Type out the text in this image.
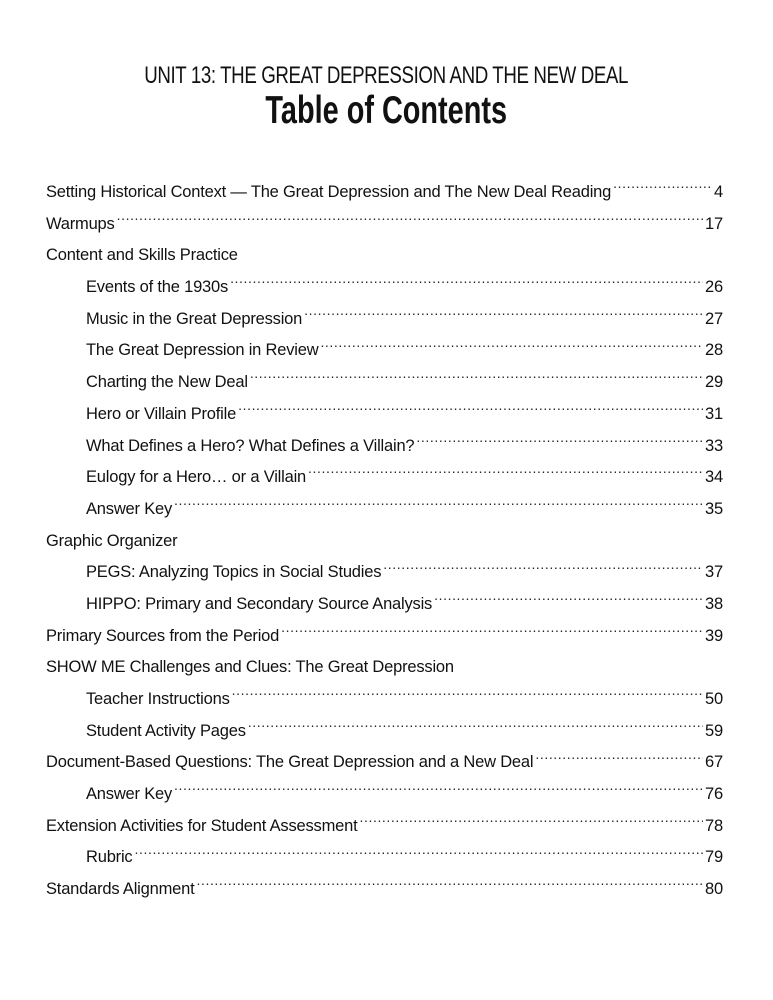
UNIT 13: THE GREAT DEPRESSION AND THE NEW DEAL
Table of Contents
Setting Historical Context — The Great Depression and The New Deal Reading .....	4
Warmups .....	17
Content and Skills Practice
Events of the 1930s .....	26
Music in the Great Depression .....	27
The Great Depression in Review .....	28
Charting the New Deal .....	29
Hero or Villain Profile .....	31
What Defines a Hero? What Defines a Villain? .....	33
Eulogy for a Hero… or a Villain .....	34
Answer Key .....	35
Graphic Organizer
PEGS: Analyzing Topics in Social Studies .....	37
HIPPO: Primary and Secondary Source Analysis .....	38
Primary Sources from the Period .....	39
SHOW ME Challenges and Clues: The Great Depression
Teacher Instructions .....	50
Student Activity Pages .....	59
Document-Based Questions: The Great Depression and a New Deal .....	67
Answer Key .....	76
Extension Activities for Student Assessment .....	78
Rubric .....	79
Standards Alignment .....	80
